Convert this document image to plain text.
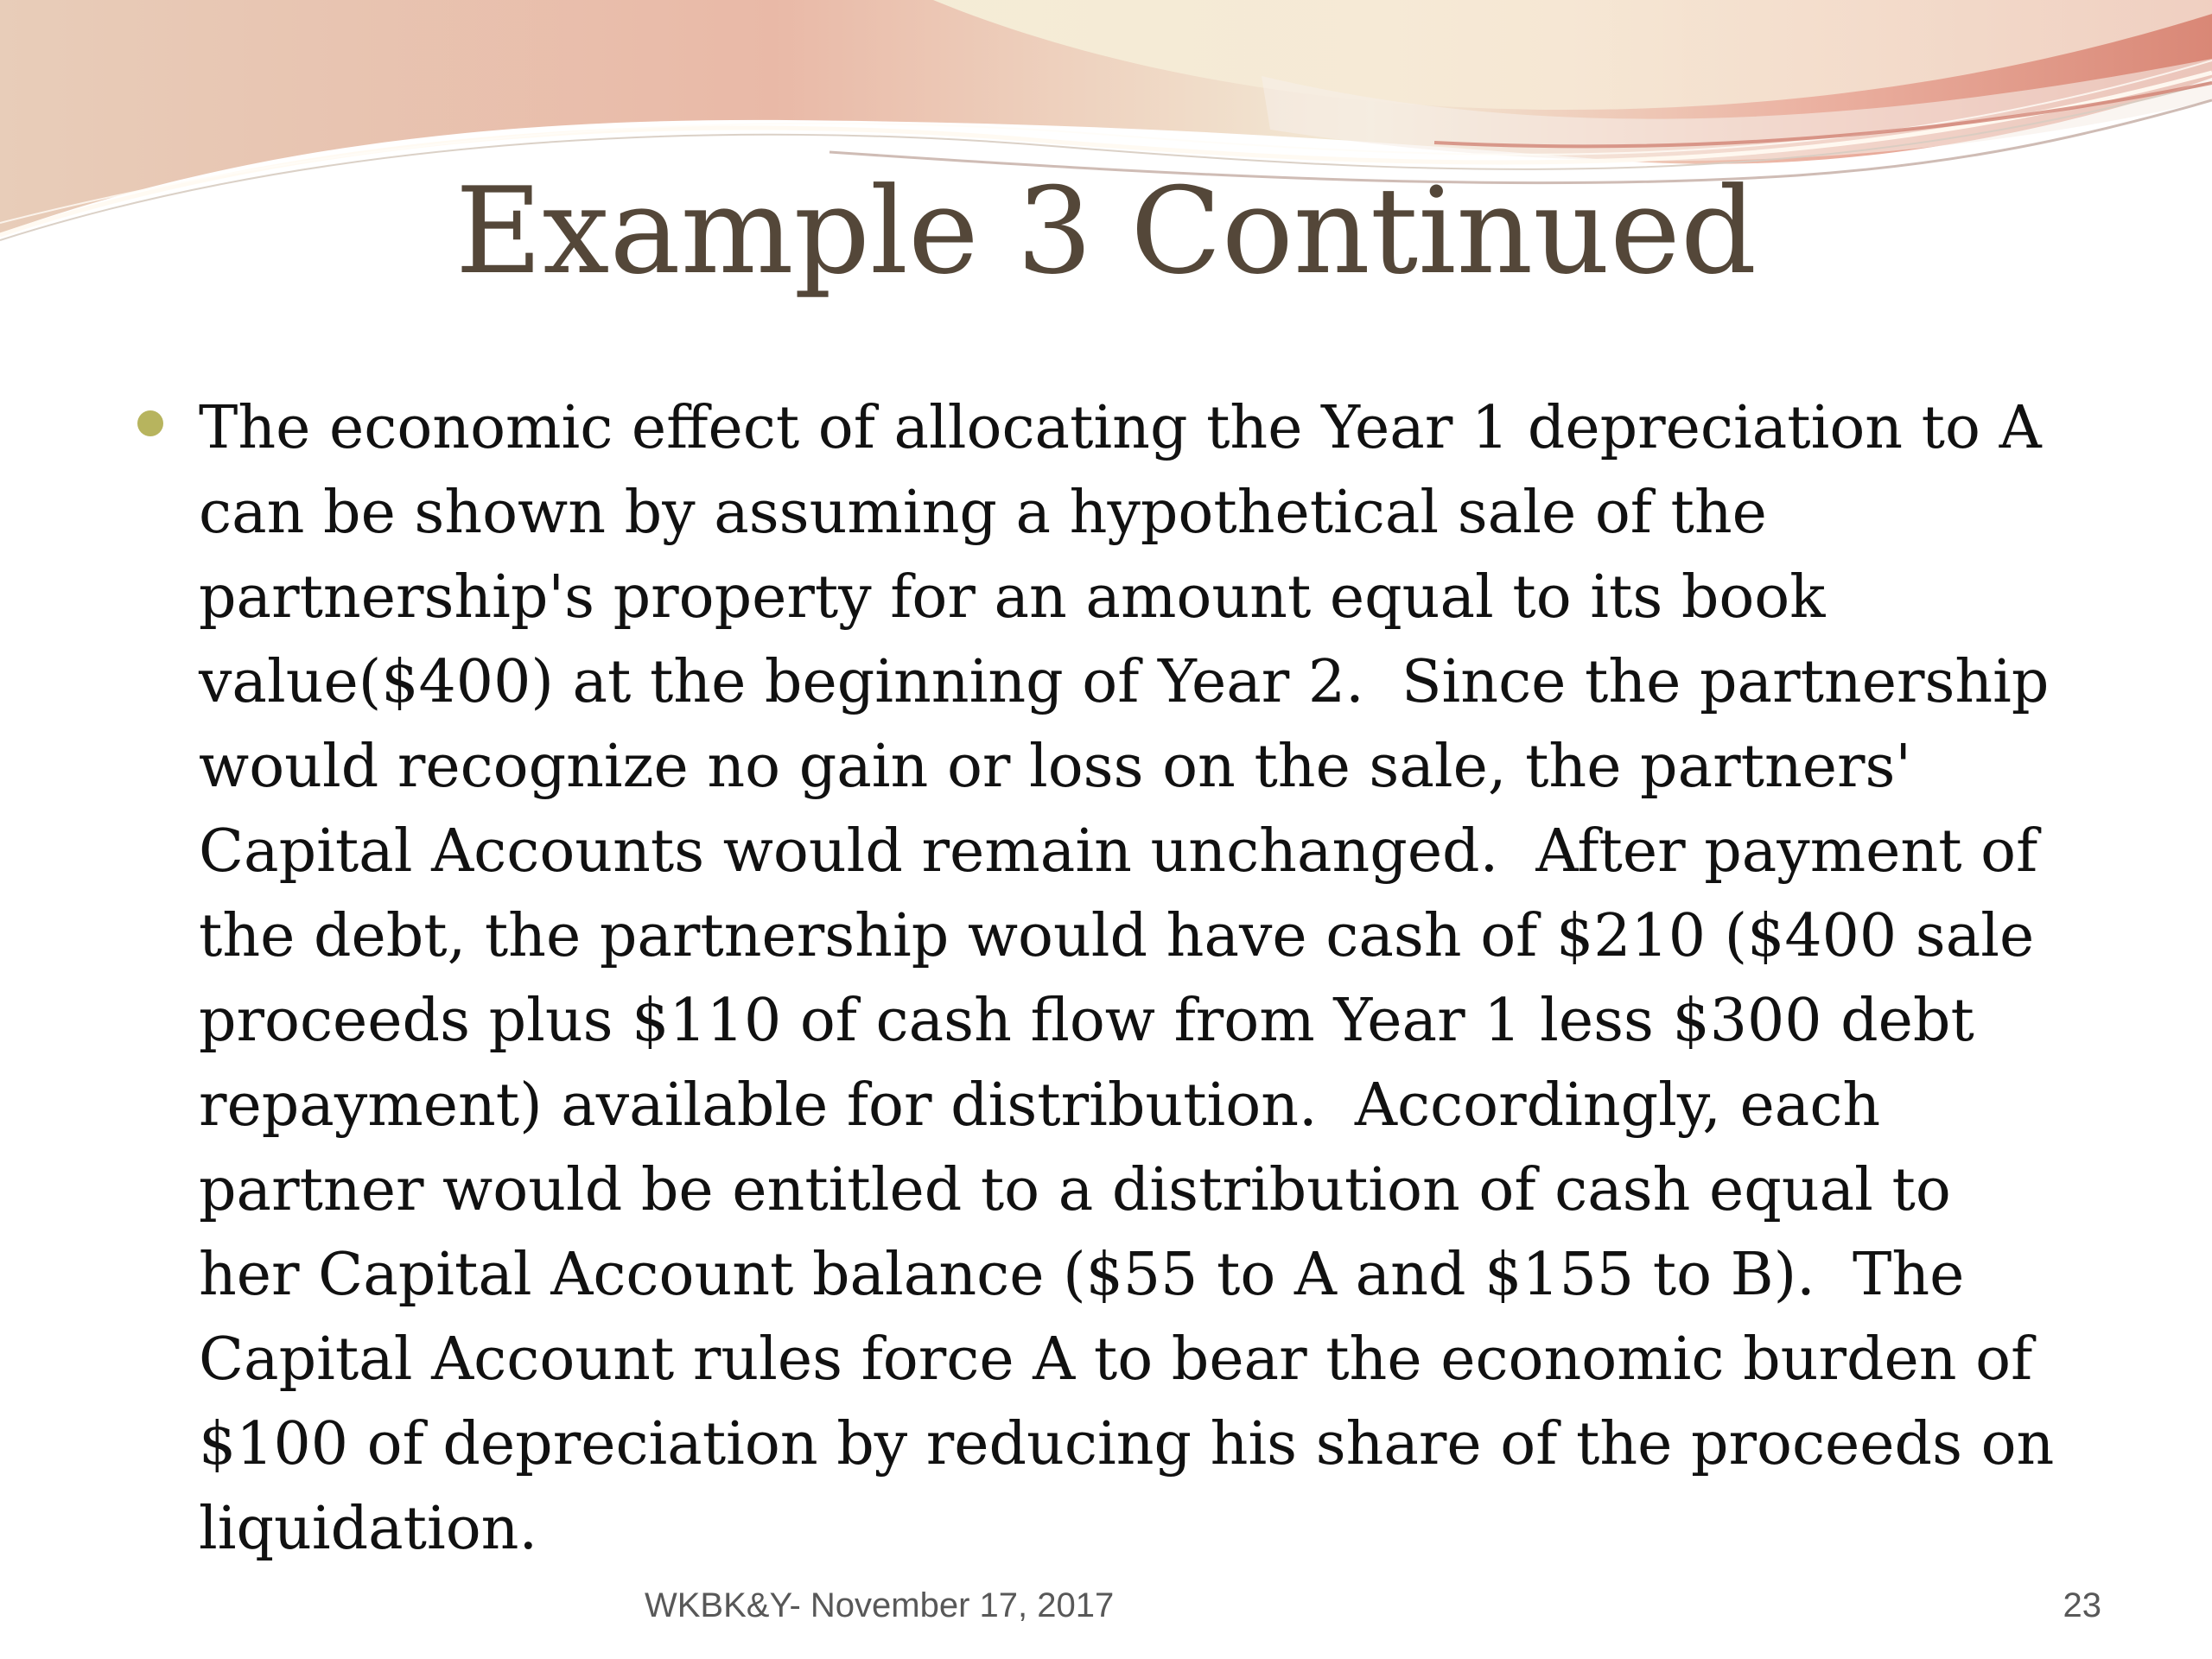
Example 3 Continued
The economic effect of allocating the Year 1 depreciation to A
can be shown by assuming a hypothetical sale of the
partnership's property for an amount equal to its book
value($400) at the beginning of Year 2.  Since the partnership
would recognize no gain or loss on the sale, the partners'
Capital Accounts would remain unchanged.  After payment of
the debt, the partnership would have cash of $210 ($400 sale
proceeds plus $110 of cash flow from Year 1 less $300 debt
repayment) available for distribution.  Accordingly, each
partner would be entitled to a distribution of cash equal to
her Capital Account balance ($55 to A and $155 to B).  The
Capital Account rules force A to bear the economic burden of
$100 of depreciation by reducing his share of the proceeds on
liquidation.
WKBK&Y- November 17, 2017	23
